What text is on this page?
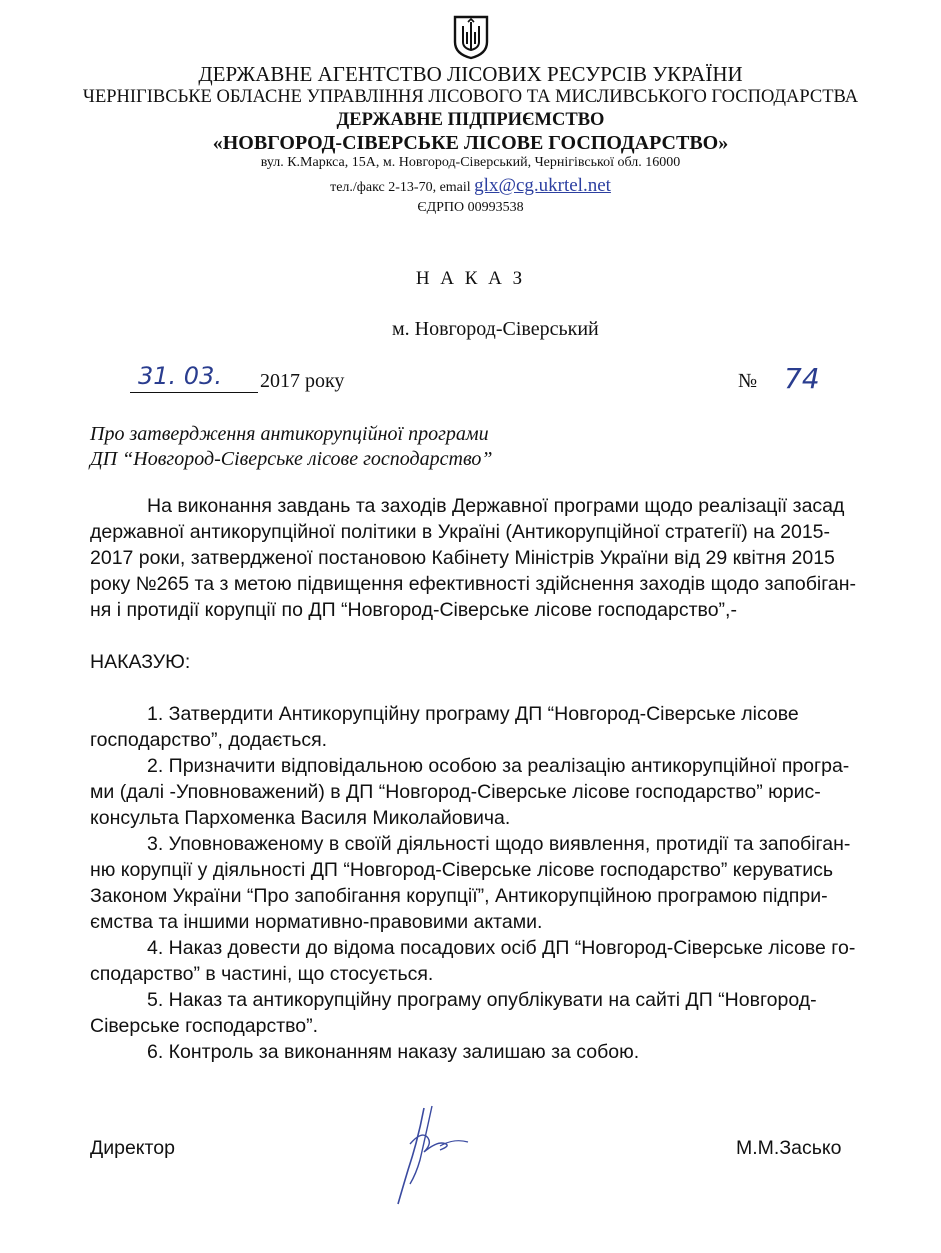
ДЕРЖАВНЕ АГЕНТСТВО ЛІСОВИХ РЕСУРСІВ УКРАЇНИ
ЧЕРНІГІВСЬКЕ ОБЛАСНЕ УПРАВЛІННЯ ЛІСОВОГО ТА МИСЛИВСЬКОГО ГОСПОДАРСТВА
ДЕРЖАВНЕ ПІДПРИЄМСТВО
«НОВГОРОД-СІВЕРСЬКЕ ЛІСОВЕ ГОСПОДАРСТВО»
вул. К.Маркса, 15А, м. Новгород-Сіверський, Чернігівської обл. 16000
тел./факс 2-13-70, email glx@cg.ukrtel.net
ЄДРПО 00993538
Н А К А З
м. Новгород-Сіверський
31. 03. 2017 року	№ 74
Про затвердження антикорупційної програми
ДП “Новгород-Сіверське лісове господарство”
На виконання завдань та заходів Державної програми щодо реалізації засад
державної антикорупційної політики в Україні (Антикорупційної стратегії) на 2015-
2017 роки, затвердженої постановою Кабінету Міністрів України від 29 квітня 2015
року №265 та з метою підвищення ефективності здійснення заходів щодо запобіган-
ня і протидії корупції по ДП “Новгород-Сіверське лісове господарство”,-
НАКАЗУЮ:
1. Затвердити Антикорупційну програму ДП “Новгород-Сіверське лісове
господарство”, додається.
2. Призначити відповідальною особою за реалізацію антикорупційної програ-
ми (далі -Уповноважений) в ДП “Новгород-Сіверське лісове господарство” юрис-
консульта Пархоменка Василя Миколайовича.
3. Уповноваженому в своїй діяльності щодо виявлення, протидії та запобіган-
ню корупції у діяльності ДП “Новгород-Сіверське лісове господарство” керуватись
Законом України “Про запобігання корупції”, Антикорупційною програмою підпри-
ємства та іншими нормативно-правовими актами.
4. Наказ довести до відома посадових осіб ДП “Новгород-Сіверське лісове го-
сподарство” в частині, що стосується.
5. Наказ та антикорупційну програму опублікувати на сайті ДП “Новгород-
Сіверське господарство”.
6. Контроль за виконанням наказу залишаю за собою.
Директор	М.М.Засько
